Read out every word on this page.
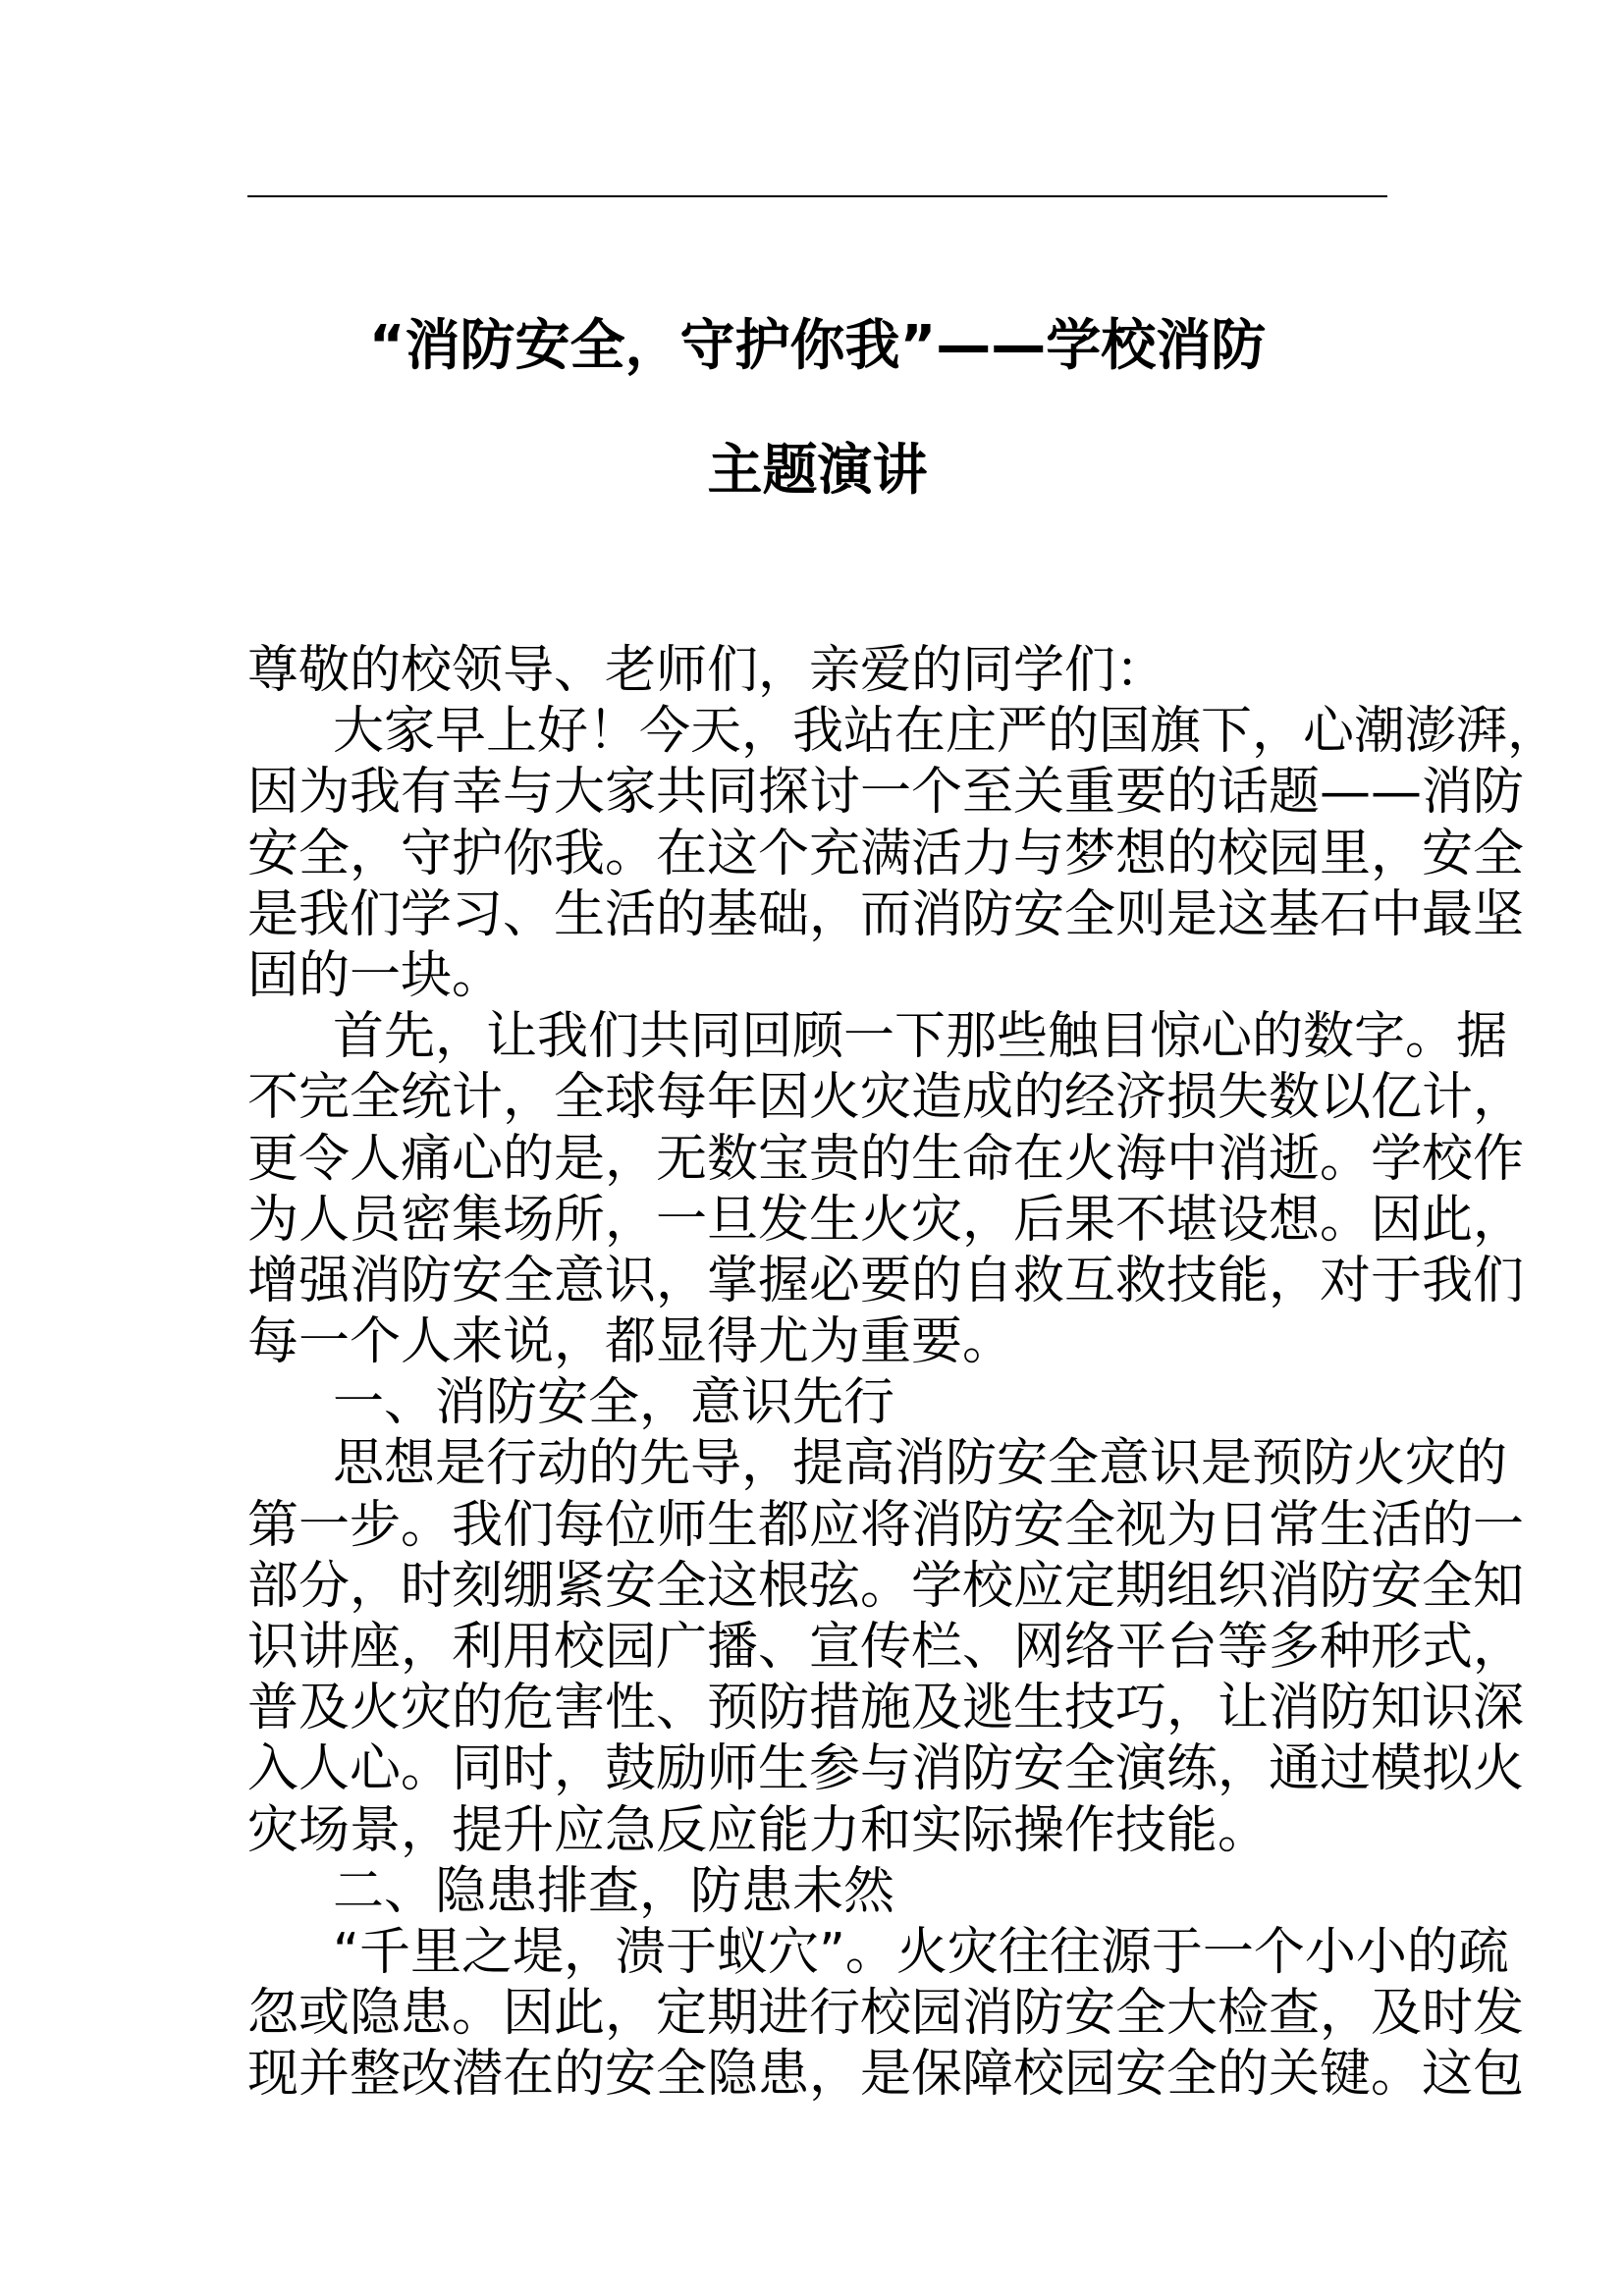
“消防安全，守护你我”——学校消防
主题演讲
尊敬的校领导、老师们，亲爱的同学们：
大家早上好！今天，我站在庄严的国旗下，心潮澎湃，
因为我有幸与大家共同探讨一个至关重要的话题——消防
安全，守护你我。在这个充满活力与梦想的校园里，安全
是我们学习、生活的基础，而消防安全则是这基石中最坚
固的一块。
首先，让我们共同回顾一下那些触目惊心的数字。据
不完全统计，全球每年因火灾造成的经济损失数以亿计，
更令人痛心的是，无数宝贵的生命在火海中消逝。学校作
为人员密集场所，一旦发生火灾，后果不堪设想。因此，
增强消防安全意识，掌握必要的自救互救技能，对于我们
每一个人来说，都显得尤为重要。
一、消防安全，意识先行
思想是行动的先导，提高消防安全意识是预防火灾的
第一步。我们每位师生都应将消防安全视为日常生活的一
部分，时刻绷紧安全这根弦。学校应定期组织消防安全知
识讲座，利用校园广播、宣传栏、网络平台等多种形式，
普及火灾的危害性、预防措施及逃生技巧，让消防知识深
入人心。同时，鼓励师生参与消防安全演练，通过模拟火
灾场景，提升应急反应能力和实际操作技能。
二、隐患排查，防患未然
“千里之堤，溃于蚁穴”。火灾往往源于一个小小的疏
忽或隐患。因此，定期进行校园消防安全大检查，及时发
现并整改潜在的安全隐患，是保障校园安全的关键。这包
